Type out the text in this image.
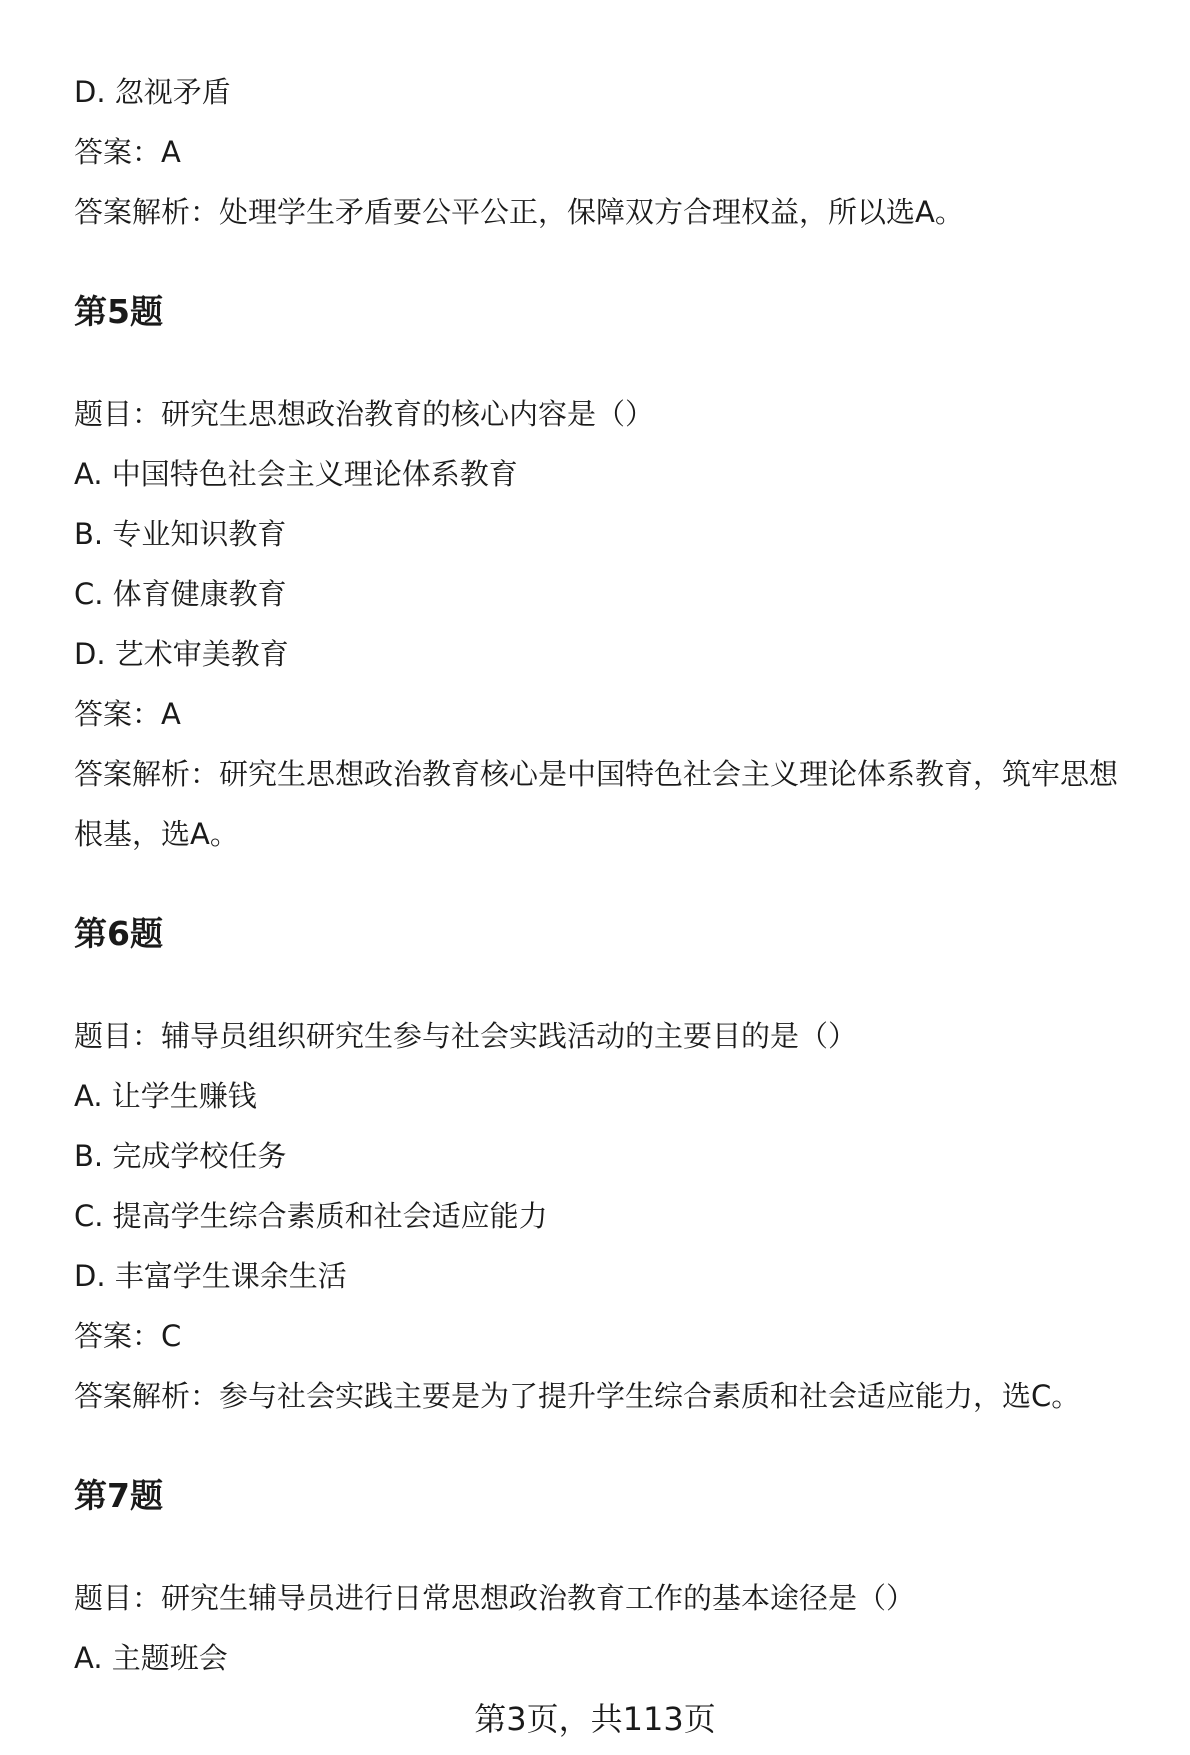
D. 忽视矛盾
答案：A
答案解析：处理学生矛盾要公平公正，保障双方合理权益，所以选A。
第5题
题目：研究生思想政治教育的核心内容是（）
A. 中国特色社会主义理论体系教育
B. 专业知识教育
C. 体育健康教育
D. 艺术审美教育
答案：A
答案解析：研究生思想政治教育核心是中国特色社会主义理论体系教育，筑牢思想
根基，选A。
第6题
题目：辅导员组织研究生参与社会实践活动的主要目的是（）
A. 让学生赚钱
B. 完成学校任务
C. 提高学生综合素质和社会适应能力
D. 丰富学生课余生活
答案：C
答案解析：参与社会实践主要是为了提升学生综合素质和社会适应能力，选C。
第7题
题目：研究生辅导员进行日常思想政治教育工作的基本途径是（）
A. 主题班会
第3页，共113页
